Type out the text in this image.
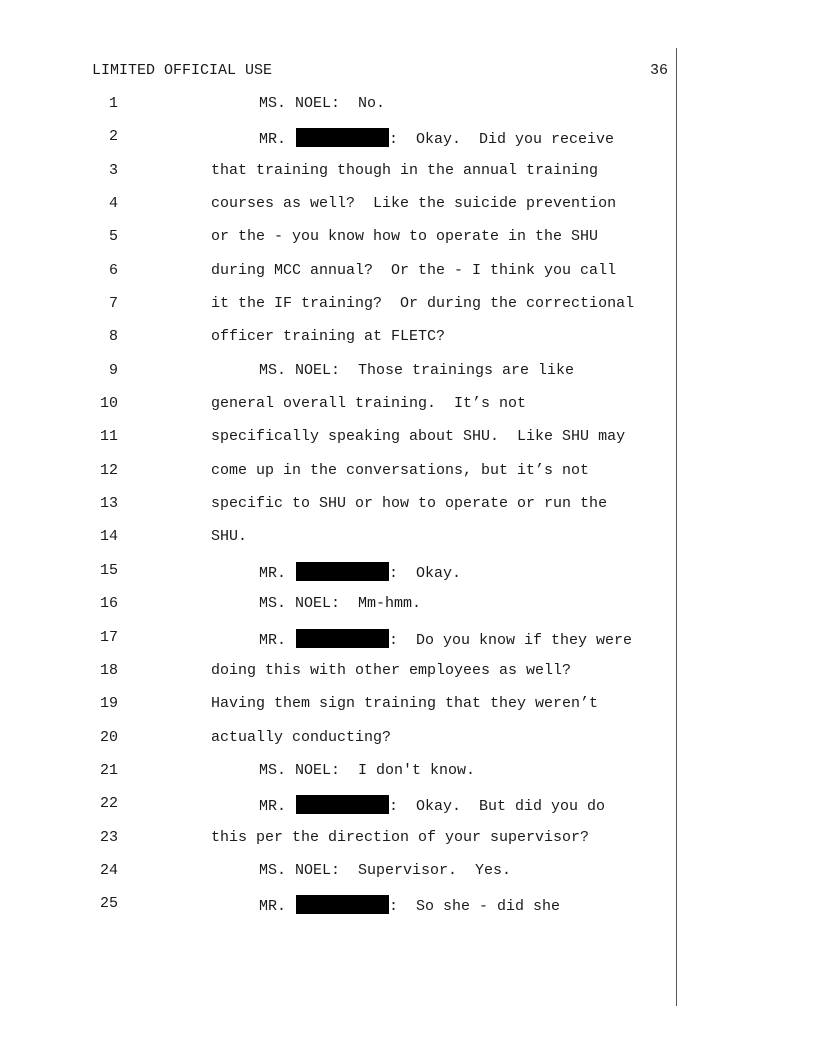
LIMITED OFFICIAL USE	36
1	MS. NOEL:  No.
2	MR.	:  Okay.  Did you receive
3	that training though in the annual training
4	courses as well?  Like the suicide prevention
5	or the - you know how to operate in the SHU
6	during MCC annual?  Or the - I think you call
7	it the IF training?  Or during the correctional
8	officer training at FLETC?
9	MS. NOEL:  Those trainings are like
10	general overall training.  It’s not
11	specifically speaking about SHU.  Like SHU may
12	come up in the conversations, but it’s not
13	specific to SHU or how to operate or run the
14	SHU.
15	MR.	:  Okay.
16	MS. NOEL:  Mm-hmm.
17	MR.	:  Do you know if they were
18	doing this with other employees as well?
19	Having them sign training that they weren’t
20	actually conducting?
21	MS. NOEL:  I don't know.
22	MR.	:  Okay.  But did you do
23	this per the direction of your supervisor?
24	MS. NOEL:  Supervisor.  Yes.
25	MR.	:  So she - did she
